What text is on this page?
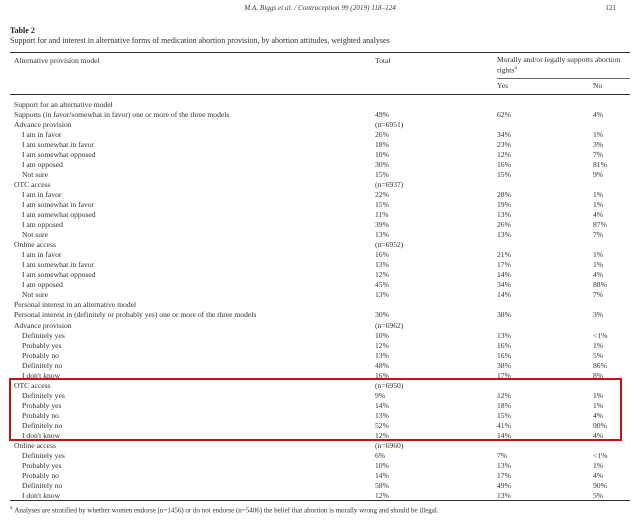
M.A. Biggs et al. / Contraception 99 (2019) 118–124	121
Table 2
Support for and interest in alternative forms of medication abortion provision, by abortion attitudes, weighted analyses
Alternative provision model	Total	Morally and/or legally supports abortion rights$^a$
Yes	No
Support for an alternative model
Supports (in favor/somewhat in favor) one or more of the three models	49%	62%	4%
Advance provision	(n=6951)
I am in favor	26%	34%	1%
I am somewhat in favor	18%	23%	3%
I am somewhat opposed	10%	12%	7%
I am opposed	30%	16%	81%
Not sure	15%	15%	9%
OTC access	(n=6937)
I am in favor	22%	28%	1%
I am somewhat in favor	15%	19%	1%
I am somewhat opposed	11%	13%	4%
I am opposed	39%	26%	87%
Not sure	13%	13%	7%
Online access	(n=6952)
I am in favor	16%	21%	1%
I am somewhat in favor	13%	17%	1%
I am somewhat opposed	12%	14%	4%
I am opposed	45%	34%	88%
Not sure	13%	14%	7%
Personal interest in an alternative model
Personal interest in (definitely or probably yes) one or more of the three models	30%	38%	3%
Advance provision	(n=6962)
Definitely yes	10%	13%	<1%
Probably yes	12%	16%	1%
Probably no	13%	16%	5%
Definitely no	48%	38%	86%
I don't know	16%	17%	8%
OTC access	(n=6950)
Definitely yes	9%	12%	1%
Probably yes	14%	18%	1%
Probably no	13%	15%	4%
Definitely no	52%	41%	90%
I don't know	12%	14%	4%
Online access	(n=6960)
Definitely yes	6%	7%	<1%
Probably yes	10%	13%	1%
Probably no	14%	17%	4%
Definitely no	58%	49%	90%
I don't know	12%	13%	5%
$^a$ Analyses are stratified by whether women endorse (n=1456) or do not endorse (n=5406) the belief that abortion is morally wrong and should be illegal.
